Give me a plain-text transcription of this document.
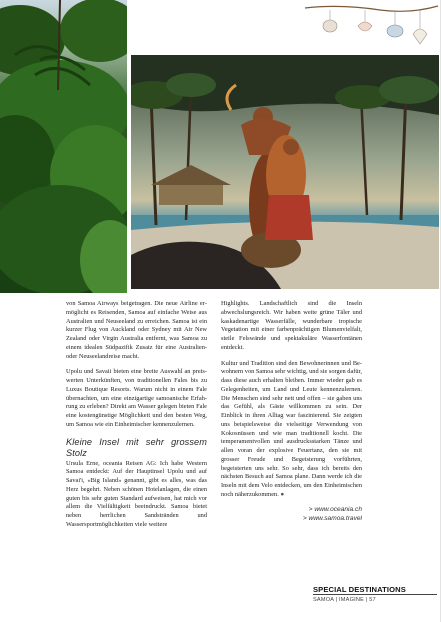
von Samoa Airways beigetragen. Die neue Airline ermöglicht es Reisenden, Samoa auf einfache Weise aus Australien und Neuseeland zu erreichen. Samoa ist ein kurzer Flug von Auckland oder Sydney mit Air New Zealand oder Virgin Australia entfernt, was Samoa zu einem idealen Südpazifik Zusatz für eine Australien- oder Neuseelandreise macht.

Upolu und Savaii bieten eine breite Auswahl an preiswerten Unterkünften, von traditionellen Fales bis zu Luxus Boutique Resorts. Warum nicht in einem Fale übernachten, um eine einzigartige samoanische Erfahrung zu erleben? Direkt am Wasser gelegen bieten Fale eine kostengünstige Möglichkeit und den besten Weg, um Samoa wie ein Einheimischer kennenzulernen.

Kleine Insel mit sehr grossem Stolz

Ursula Erne, oceania Reisen AG: Ich habe Western Samoa entdeckt: Auf der Hauptinsel Upolu und auf Savai'i, «Big Island» genannt, gibt es alles, was das Herz begehrt. Neben schönen Hotelanlagen, die einen guten bis sehr guten Standard aufweisen, hat mich vor allem die Vielfältigkeit beeindruckt. Samoa bietet neben herrlichen Sandstränden und Wassersportmöglichkeiten viele weitere

Highlights. Landschaftlich sind die Inseln abwechslungsreich. Wir haben weite grüne Täler und kaskadenartige Wasserfälle, wunderbare tropische Vegetation mit einer farbenprächtigen Blumenvielfalt, steile Felswände und spektakuläre Wasserfontänen entdeckt.

Kultur und Tradition sind den Bewohnerinnen und Bewohnern von Samoa sehr wichtig, und sie sorgen dafür, dass diese auch erhalten bleiben. Immer wieder gab es Gelegenheiten, um Land und Leute kennenzulernen. Die Menschen sind sehr nett und offen – sie gaben uns das Gefühl, als Gäste willkommen zu sein. Der Einblick in ihren Alltag war faszinierend. Sie zeigten uns beispielsweise die vielseitige Verwendung von Kokosnüssen und wie man traditionell kocht. Die temperamentvollen und ausdrucksstarken Tänze und allen voran der explosive Feuertanz, den sie mit grosser Freude und Begeisterung vorführten, begeisterten uns sehr. So sehr, dass ich bereits den nächsten Besuch auf Samoa plane. Dann werde ich die Inseln mit dem Velo entdecken, um den Einheimischen noch näherzukommen. ●

> www.oceania.ch
> www.samoa.travel
SPECIAL DESTINATIONS
SAMOA | IMAGINE | 57
